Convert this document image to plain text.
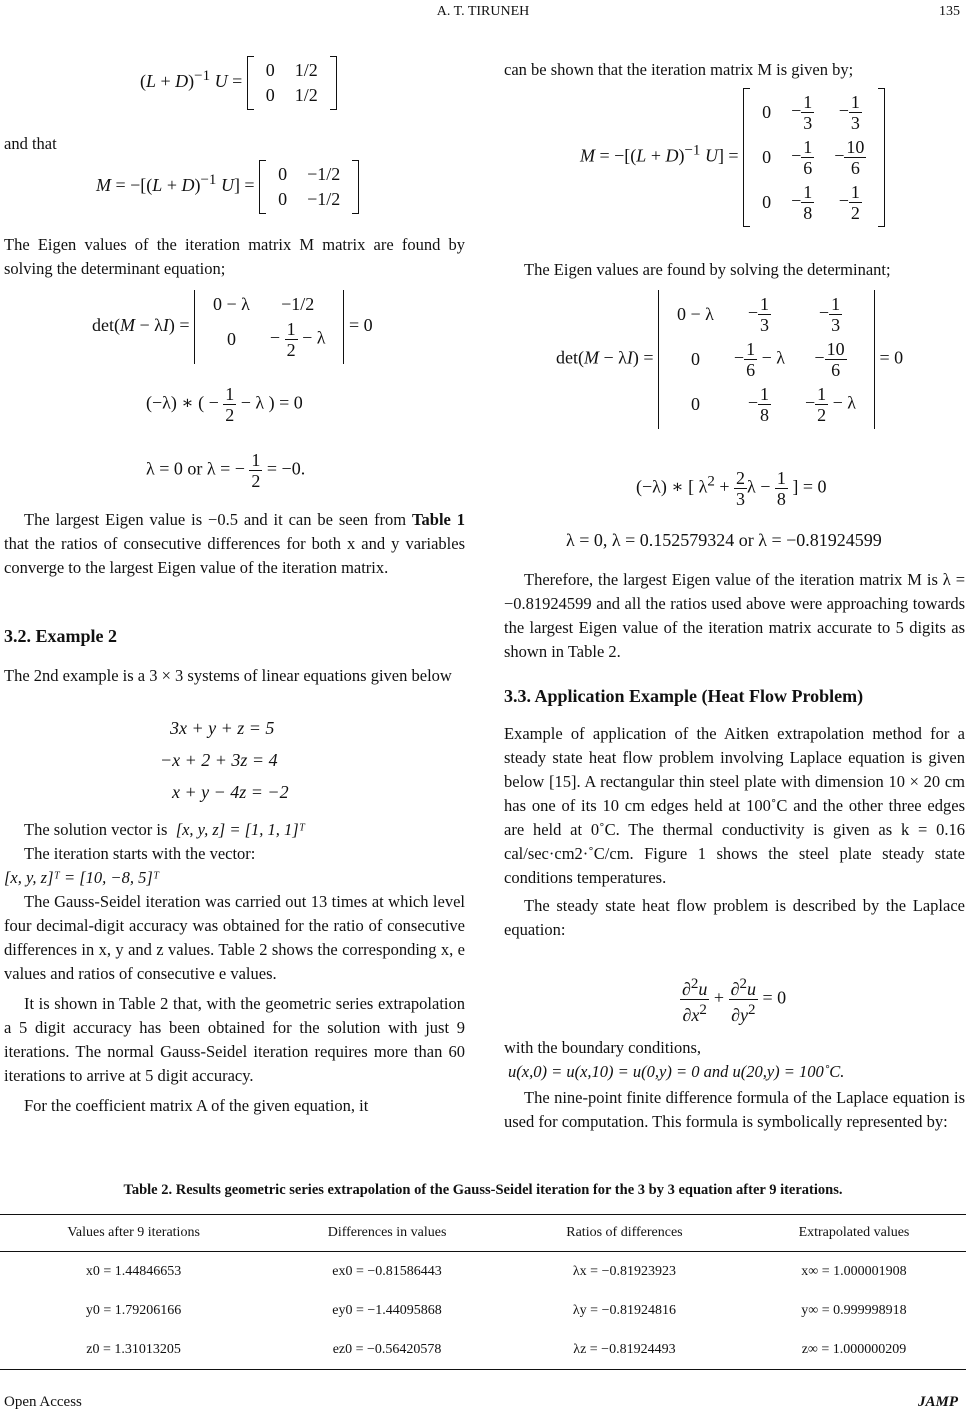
A. T. TIRUNEH	135
$(L + D)^{-1}$ U =
0	1/2
0	1/2
and that
$M = -[(L + D)^{-1}$ U] =
0	−1/2
0	−1/2

The Eigen values of the iteration matrix M matrix are found by solving the determinant equation;

det(M − λI) =
0 − λ	−1/2
0	− $\frac{1}{2} - \lambda$
= 0
(−λ) ∗ ( − $\frac{1}{2} - \lambda$ ) = 0
λ = 0 or λ = − $\frac{1}{2} = -0$.

The largest Eigen value is −0.5 and it can be seen from Table 1 that the ratios of consecutive differences for both x and y variables converge to the largest Eigen value of the iteration matrix.

3.2. Example 2

The 2nd example is a 3 × 3 systems of linear equations given below

3x + y + z = 5
−x + 2 + 3z = 4
x + y − 4z = −2
The solution vector is [x, y, z] = [1, 1, 1]ᵀ
The iteration starts with the vector:
[x, y, z]ᵀ = [10, −8, 5]ᵀ

The Gauss-Seidel iteration was carried out 13 times at which level four decimal-digit accuracy was obtained for the ratio of consecutive differences in x, y and z values. Table 2 shows the corresponding x, e values and ratios of consecutive e values.

It is shown in Table 2 that, with the geometric series extrapolation a 5 digit accuracy has been obtained for the solution with just 9 iterations. The normal Gauss-Seidel iteration requires more than 60 iterations to arrive at 5 digit accuracy.

For the coefficient matrix A of the given equation, it

can be shown that the iteration matrix M is given by;

$M = -[(L + D)^{-1}$ U] =
0	− $\frac{1}{3}$	− $\frac{1}{3}$

0	− $\frac{1}{6}$	− $\frac{10}{6}$

0	− $\frac{1}{8}$	− $\frac{1}{2}$

The Eigen values are found by solving the determinant;

det(M − λI) =
0 − λ	− $\frac{1}{3}$	− $\frac{1}{3}$

0	− $\frac{1}{6} - \lambda$	− $\frac{10}{6}$

0	− $\frac{1}{8}$	− $\frac{1}{2} - \lambda$
= 0
(−λ) ∗ [ $\lambda^2 + \frac{2}{3}$ $\lambda - \frac{1}{8}$ ] = 0
λ = 0, λ = 0.152579324 or λ = −0.81924599

Therefore, the largest Eigen value of the iteration matrix M is λ = −0.81924599 and all the ratios used above were approaching towards the largest Eigen value of the iteration matrix accurate to 5 digits as shown in Table 2.

3.3. Application Example (Heat Flow Problem)

Example of application of the Aitken extrapolation method for a steady state heat flow problem involving Laplace equation is given below [15]. A rectangular thin steel plate with dimension 10 × 20 cm has one of its 10 cm edges held at 100˚C and the other three edges are held at 0˚C. The thermal conductivity is given as k = 0.16 cal/sec·cm2·˚C/cm. Figure 1 shows the steel plate steady state conditions temperatures.

The steady state heat flow problem is described by the Laplace equation:

$\frac{\partial^2u}{\partial x^2} + \frac{\partial^2u}{\partial y^2} = 0$
with the boundary conditions,
u(x,0) = u(x,10) = u(0,y) = 0 and u(20,y) = 100˚C.

The nine-point finite difference formula of the Laplace equation is used for computation. This formula is symbolically represented by:

Table 2. Results geometric series extrapolation of the Gauss-Seidel iteration for the 3 by 3 equation after 9 iterations.
Values after 9 iterations	Differences in values	Ratios of differences	Extrapolated values
x0 = 1.44846653	ex0 = −0.81586443	λx = −0.81923923	x∞ = 1.000001908
y0 = 1.79206166	ey0 = −1.44095868	λy = −0.81924816	y∞ = 0.999998918
z0 = 1.31013205	ez0 = −0.56420578	λz = −0.81924493	z∞ = 1.000000209
Open Access	JAMP
